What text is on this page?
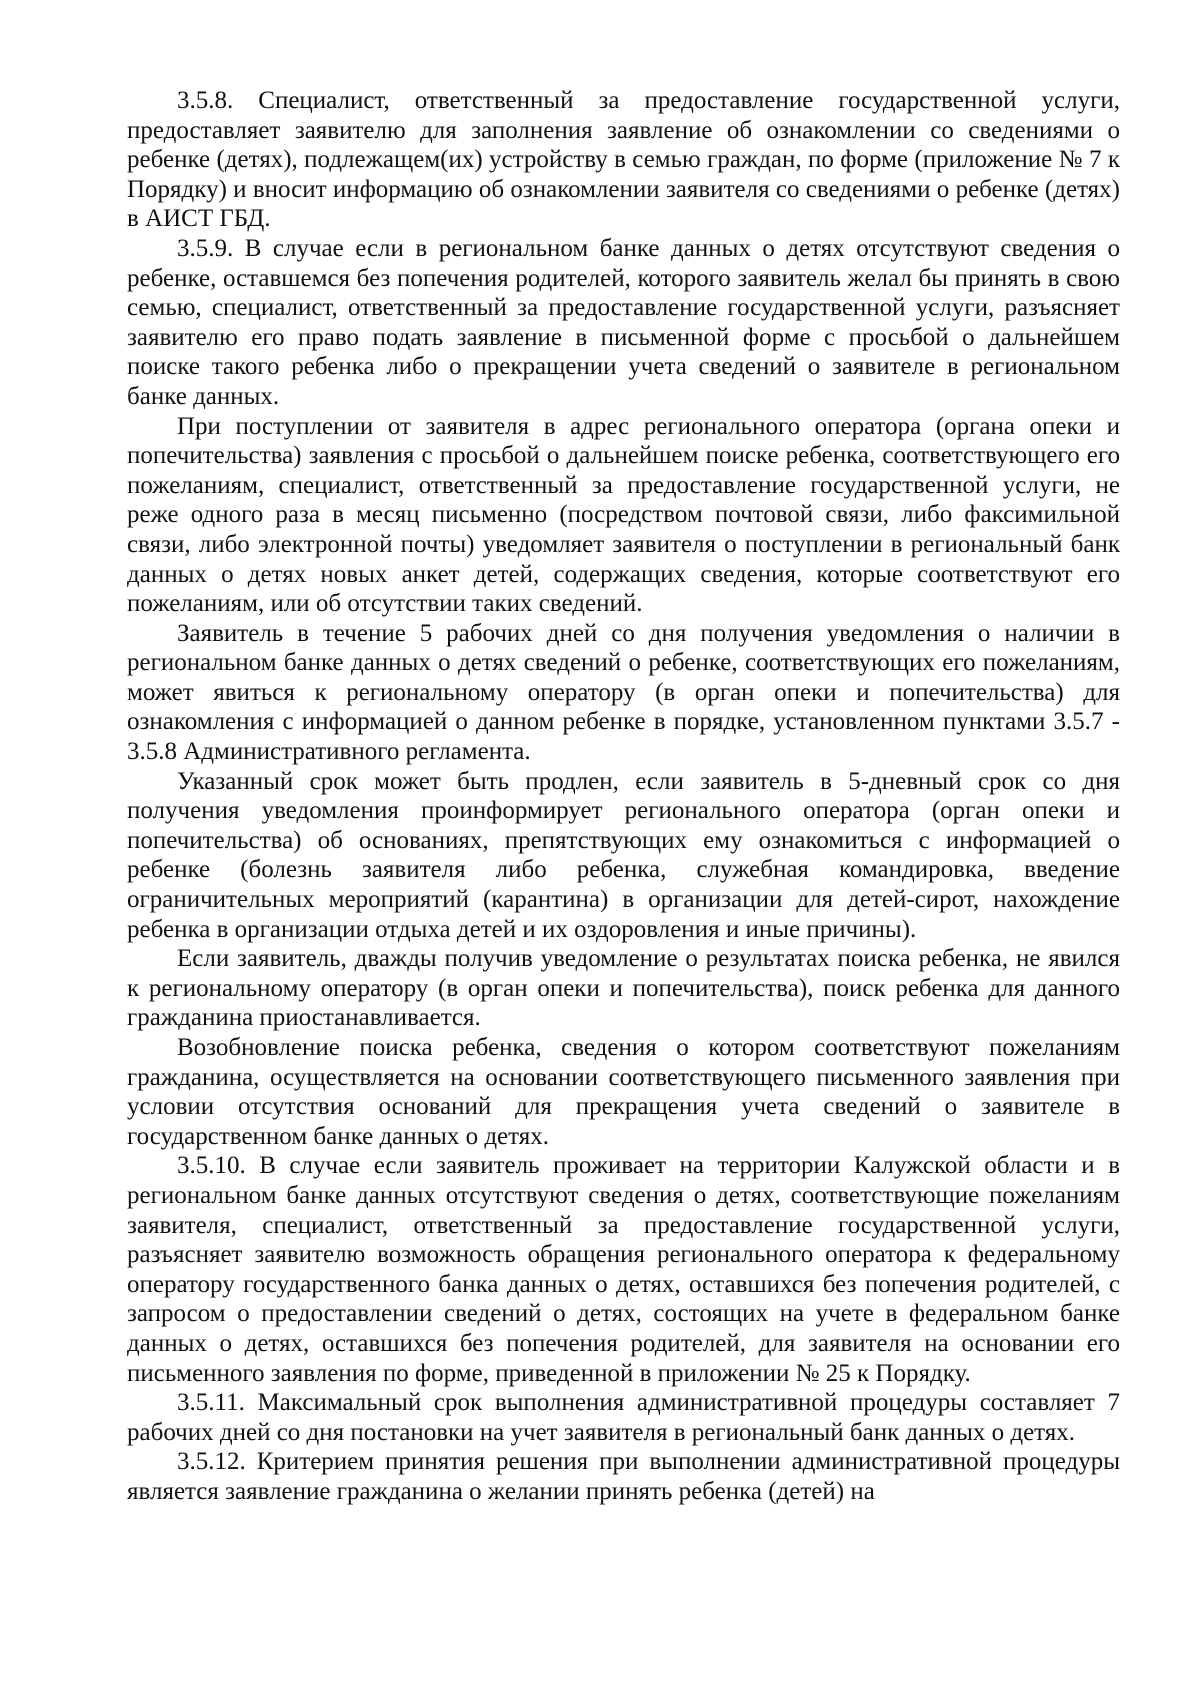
3.5.8. Специалист, ответственный за предоставление государственной услуги, предоставляет заявителю для заполнения заявление об ознакомлении со сведениями о ребенке (детях), подлежащем(их) устройству в семью граждан, по форме (приложение № 7 к Порядку) и вносит информацию об ознакомлении заявителя со сведениями о ребенке (детях) в АИСТ ГБД.

3.5.9. В случае если в региональном банке данных о детях отсутствуют сведения о ребенке, оставшемся без попечения родителей, которого заявитель желал бы принять в свою семью, специалист, ответственный за предоставление государственной услуги, разъясняет заявителю его право подать заявление в письменной форме с просьбой о дальнейшем поиске такого ребенка либо о прекращении учета сведений о заявителе в региональном банке данных.

При поступлении от заявителя в адрес регионального оператора (органа опеки и попечительства) заявления с просьбой о дальнейшем поиске ребенка, соответствующего его пожеланиям, специалист, ответственный за предоставление государственной услуги, не реже одного раза в месяц письменно (посредством почтовой связи, либо факсимильной связи, либо электронной почты) уведомляет заявителя о поступлении в региональный банк данных о детях новых анкет детей, содержащих сведения, которые соответствуют его пожеланиям, или об отсутствии таких сведений.

Заявитель в течение 5 рабочих дней со дня получения уведомления о наличии в региональном банке данных о детях сведений о ребенке, соответствующих его пожеланиям, может явиться к региональному оператору (в орган опеки и попечительства) для ознакомления с информацией о данном ребенке в порядке, установленном пунктами 3.5.7 - 3.5.8 Административного регламента.

Указанный срок может быть продлен, если заявитель в 5-дневный срок со дня получения уведомления проинформирует регионального оператора (орган опеки и попечительства) об основаниях, препятствующих ему ознакомиться с информацией о ребенке (болезнь заявителя либо ребенка, служебная командировка, введение ограничительных мероприятий (карантина) в организации для детей-сирот, нахождение ребенка в организации отдыха детей и их оздоровления и иные причины).

Если заявитель, дважды получив уведомление о результатах поиска ребенка, не явился к региональному оператору (в орган опеки и попечительства), поиск ребенка для данного гражданина приостанавливается.

Возобновление поиска ребенка, сведения о котором соответствуют пожеланиям гражданина, осуществляется на основании соответствующего письменного заявления при условии отсутствия оснований для прекращения учета сведений о заявителе в государственном банке данных о детях.

3.5.10. В случае если заявитель проживает на территории Калужской области и в региональном банке данных отсутствуют сведения о детях, соответствующие пожеланиям заявителя, специалист, ответственный за предоставление государственной услуги, разъясняет заявителю возможность обращения регионального оператора к федеральному оператору государственного банка данных о детях, оставшихся без попечения родителей, с запросом о предоставлении сведений о детях, состоящих на учете в федеральном банке данных о детях, оставшихся без попечения родителей, для заявителя на основании его письменного заявления по форме, приведенной в приложении № 25 к Порядку.

3.5.11. Максимальный срок выполнения административной процедуры составляет 7 рабочих дней со дня постановки на учет заявителя в региональный банк данных о детях.

3.5.12. Критерием принятия решения при выполнении административной процедуры является заявление гражданина о желании принять ребенка (детей) на
